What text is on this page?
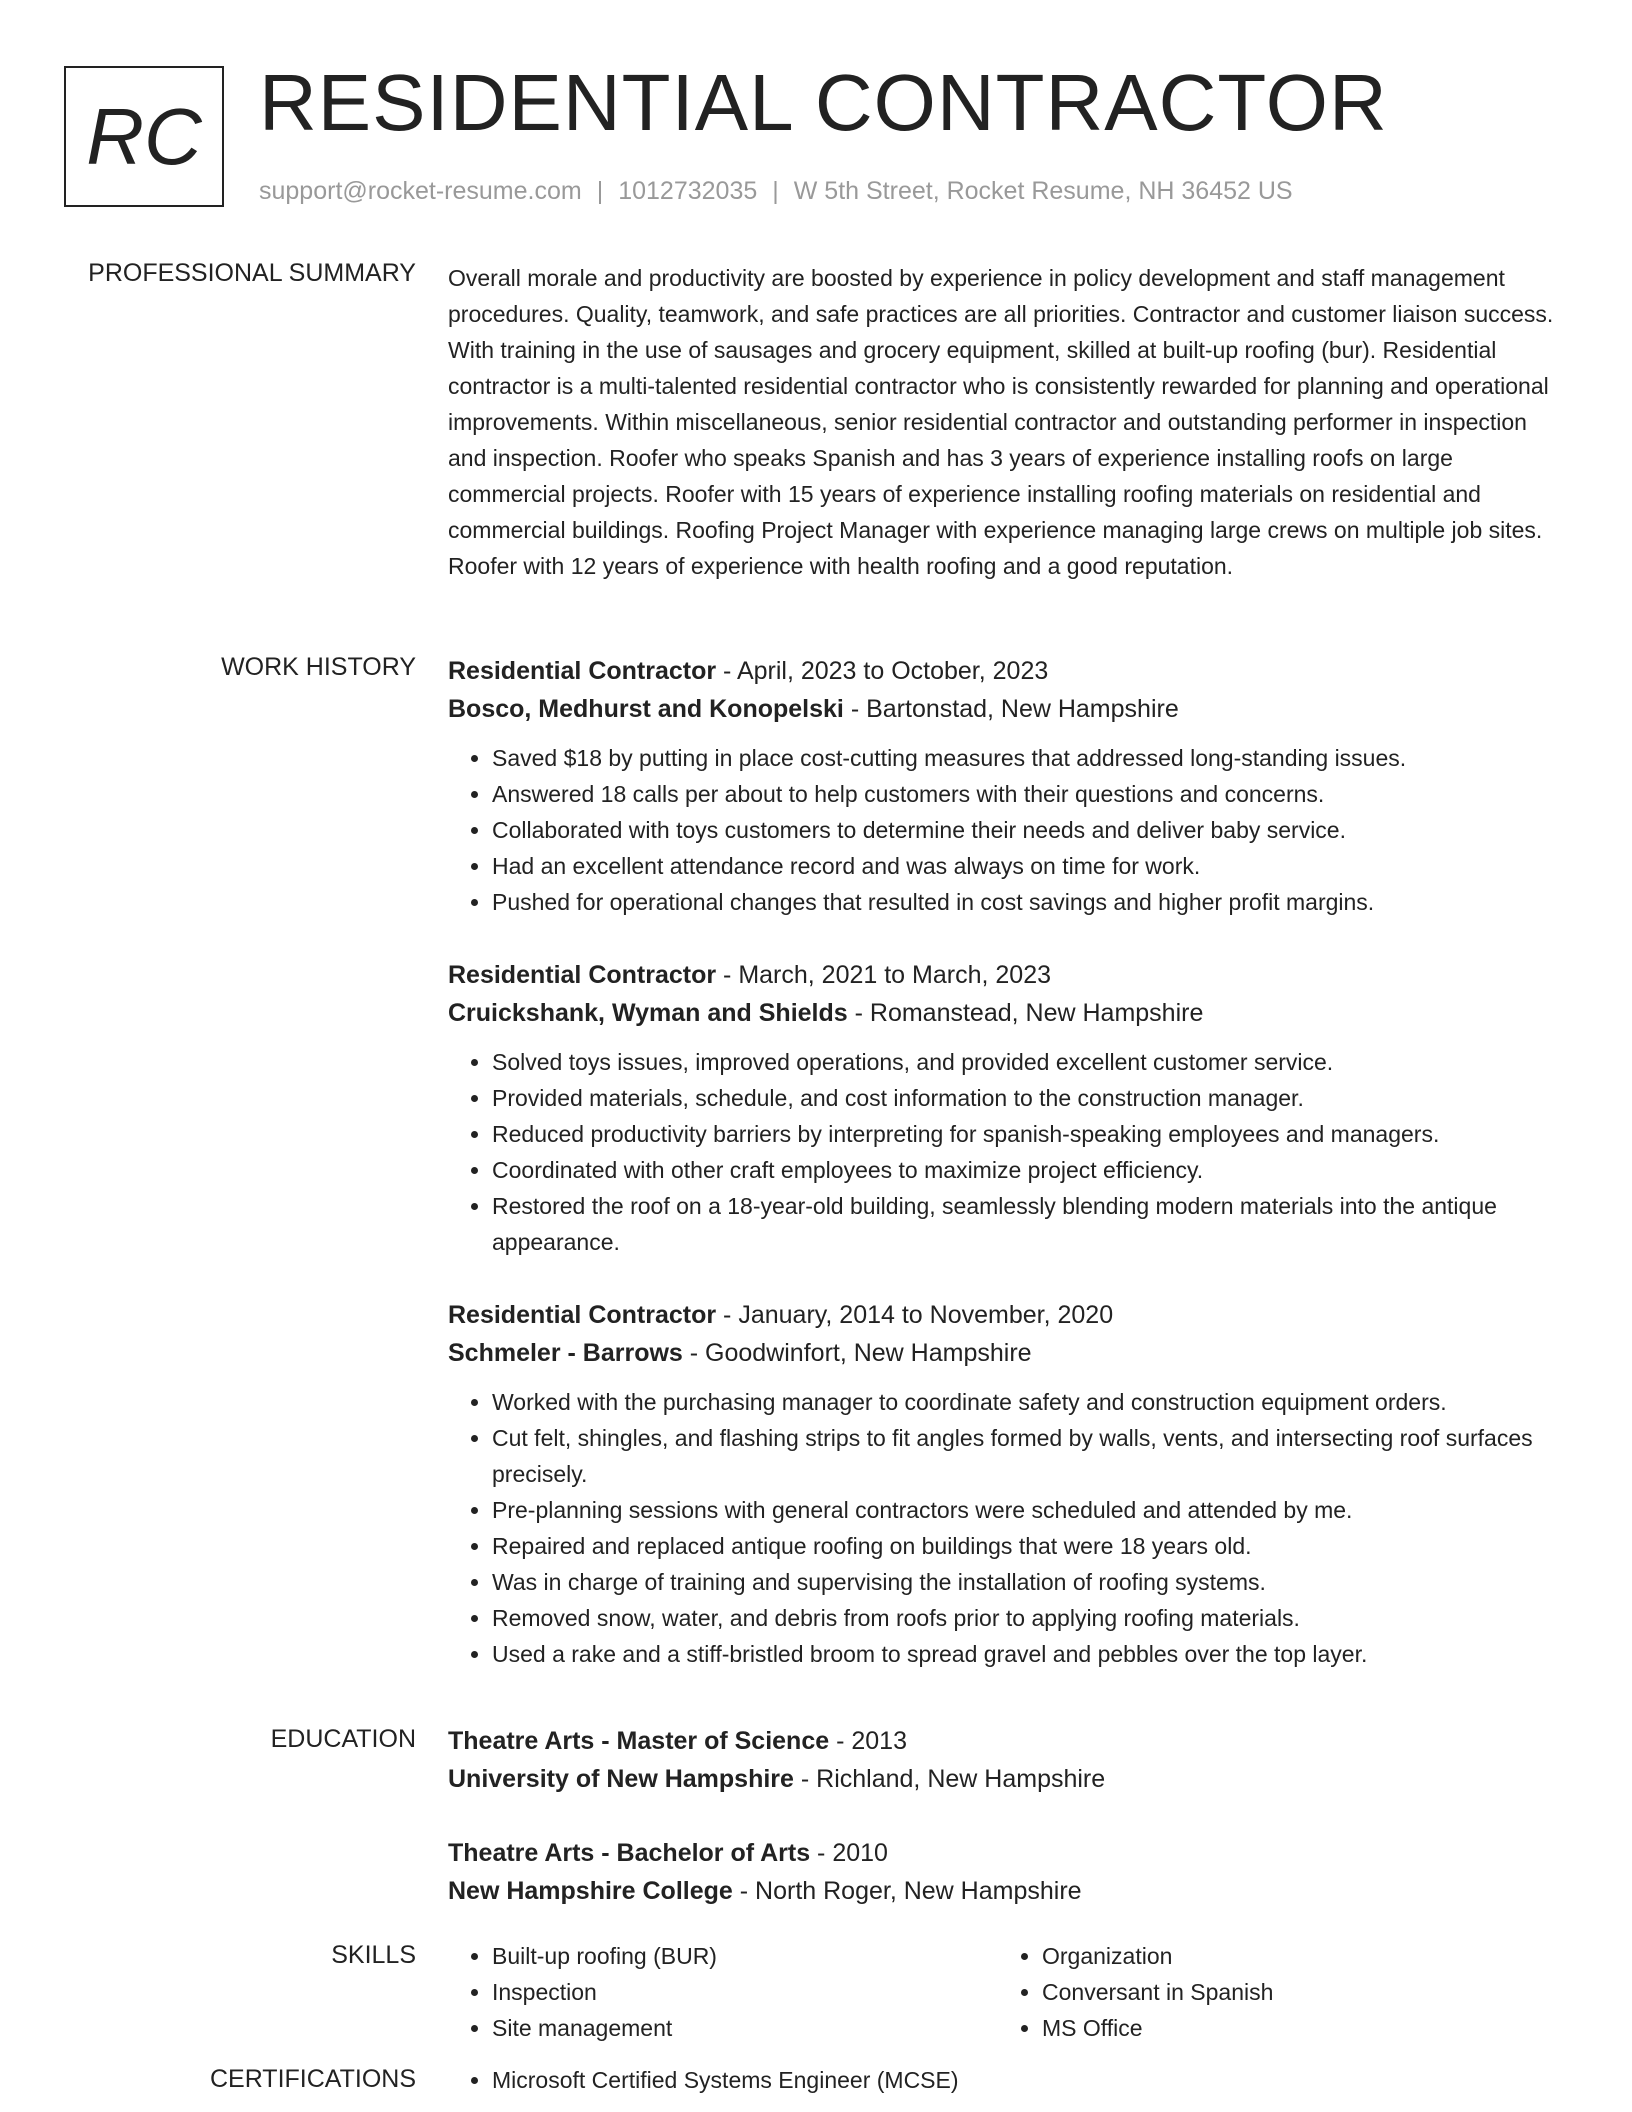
RC RESIDENTIAL CONTRACTOR
support@rocket-resume.com | 1012732035 | W 5th Street, Rocket Resume, NH 36452 US
PROFESSIONAL SUMMARY Overall morale and productivity are boosted by experience in policy development and staff management procedures. Quality, teamwork, and safe practices are all priorities. Contractor and customer liaison success. With training in the use of sausages and grocery equipment, skilled at built-up roofing (bur). Residential contractor is a multi-talented residential contractor who is consistently rewarded for planning and operational improvements. Within miscellaneous, senior residential contractor and outstanding performer in inspection and inspection. Roofer who speaks Spanish and has 3 years of experience installing roofs on large commercial projects. Roofer with 15 years of experience installing roofing materials on residential and commercial buildings. Roofing Project Manager with experience managing large crews on multiple job sites. Roofer with 12 years of experience with health roofing and a good reputation.
WORK HISTORY Residential Contractor - April, 2023 to October, 2023
Bosco, Medhurst and Konopelski - Bartonstad, New Hampshire
• Saved $18 by putting in place cost-cutting measures that addressed long-standing issues.
• Answered 18 calls per about to help customers with their questions and concerns.
• Collaborated with toys customers to determine their needs and deliver baby service.
• Had an excellent attendance record and was always on time for work.
• Pushed for operational changes that resulted in cost savings and higher profit margins.
Residential Contractor - March, 2021 to March, 2023
Cruickshank, Wyman and Shields - Romanstead, New Hampshire
• Solved toys issues, improved operations, and provided excellent customer service.
• Provided materials, schedule, and cost information to the construction manager.
• Reduced productivity barriers by interpreting for spanish-speaking employees and managers.
• Coordinated with other craft employees to maximize project efficiency.
• Restored the roof on a 18-year-old building, seamlessly blending modern materials into the antique appearance.
Residential Contractor - January, 2014 to November, 2020
Schmeler - Barrows - Goodwinfort, New Hampshire
• Worked with the purchasing manager to coordinate safety and construction equipment orders.
• Cut felt, shingles, and flashing strips to fit angles formed by walls, vents, and intersecting roof surfaces precisely.
• Pre-planning sessions with general contractors were scheduled and attended by me.
• Repaired and replaced antique roofing on buildings that were 18 years old.
• Was in charge of training and supervising the installation of roofing systems.
• Removed snow, water, and debris from roofs prior to applying roofing materials.
• Used a rake and a stiff-bristled broom to spread gravel and pebbles over the top layer.
EDUCATION Theatre Arts - Master of Science - 2013
University of New Hampshire - Richland, New Hampshire
Theatre Arts - Bachelor of Arts - 2010
New Hampshire College - North Roger, New Hampshire
SKILLS	• Built-up roofing (BUR)
• Inspection
• Site management
• Organization
• Conversant in Spanish
• MS Office
CERTIFICATIONS	• Microsoft Certified Systems Engineer (MCSE)
